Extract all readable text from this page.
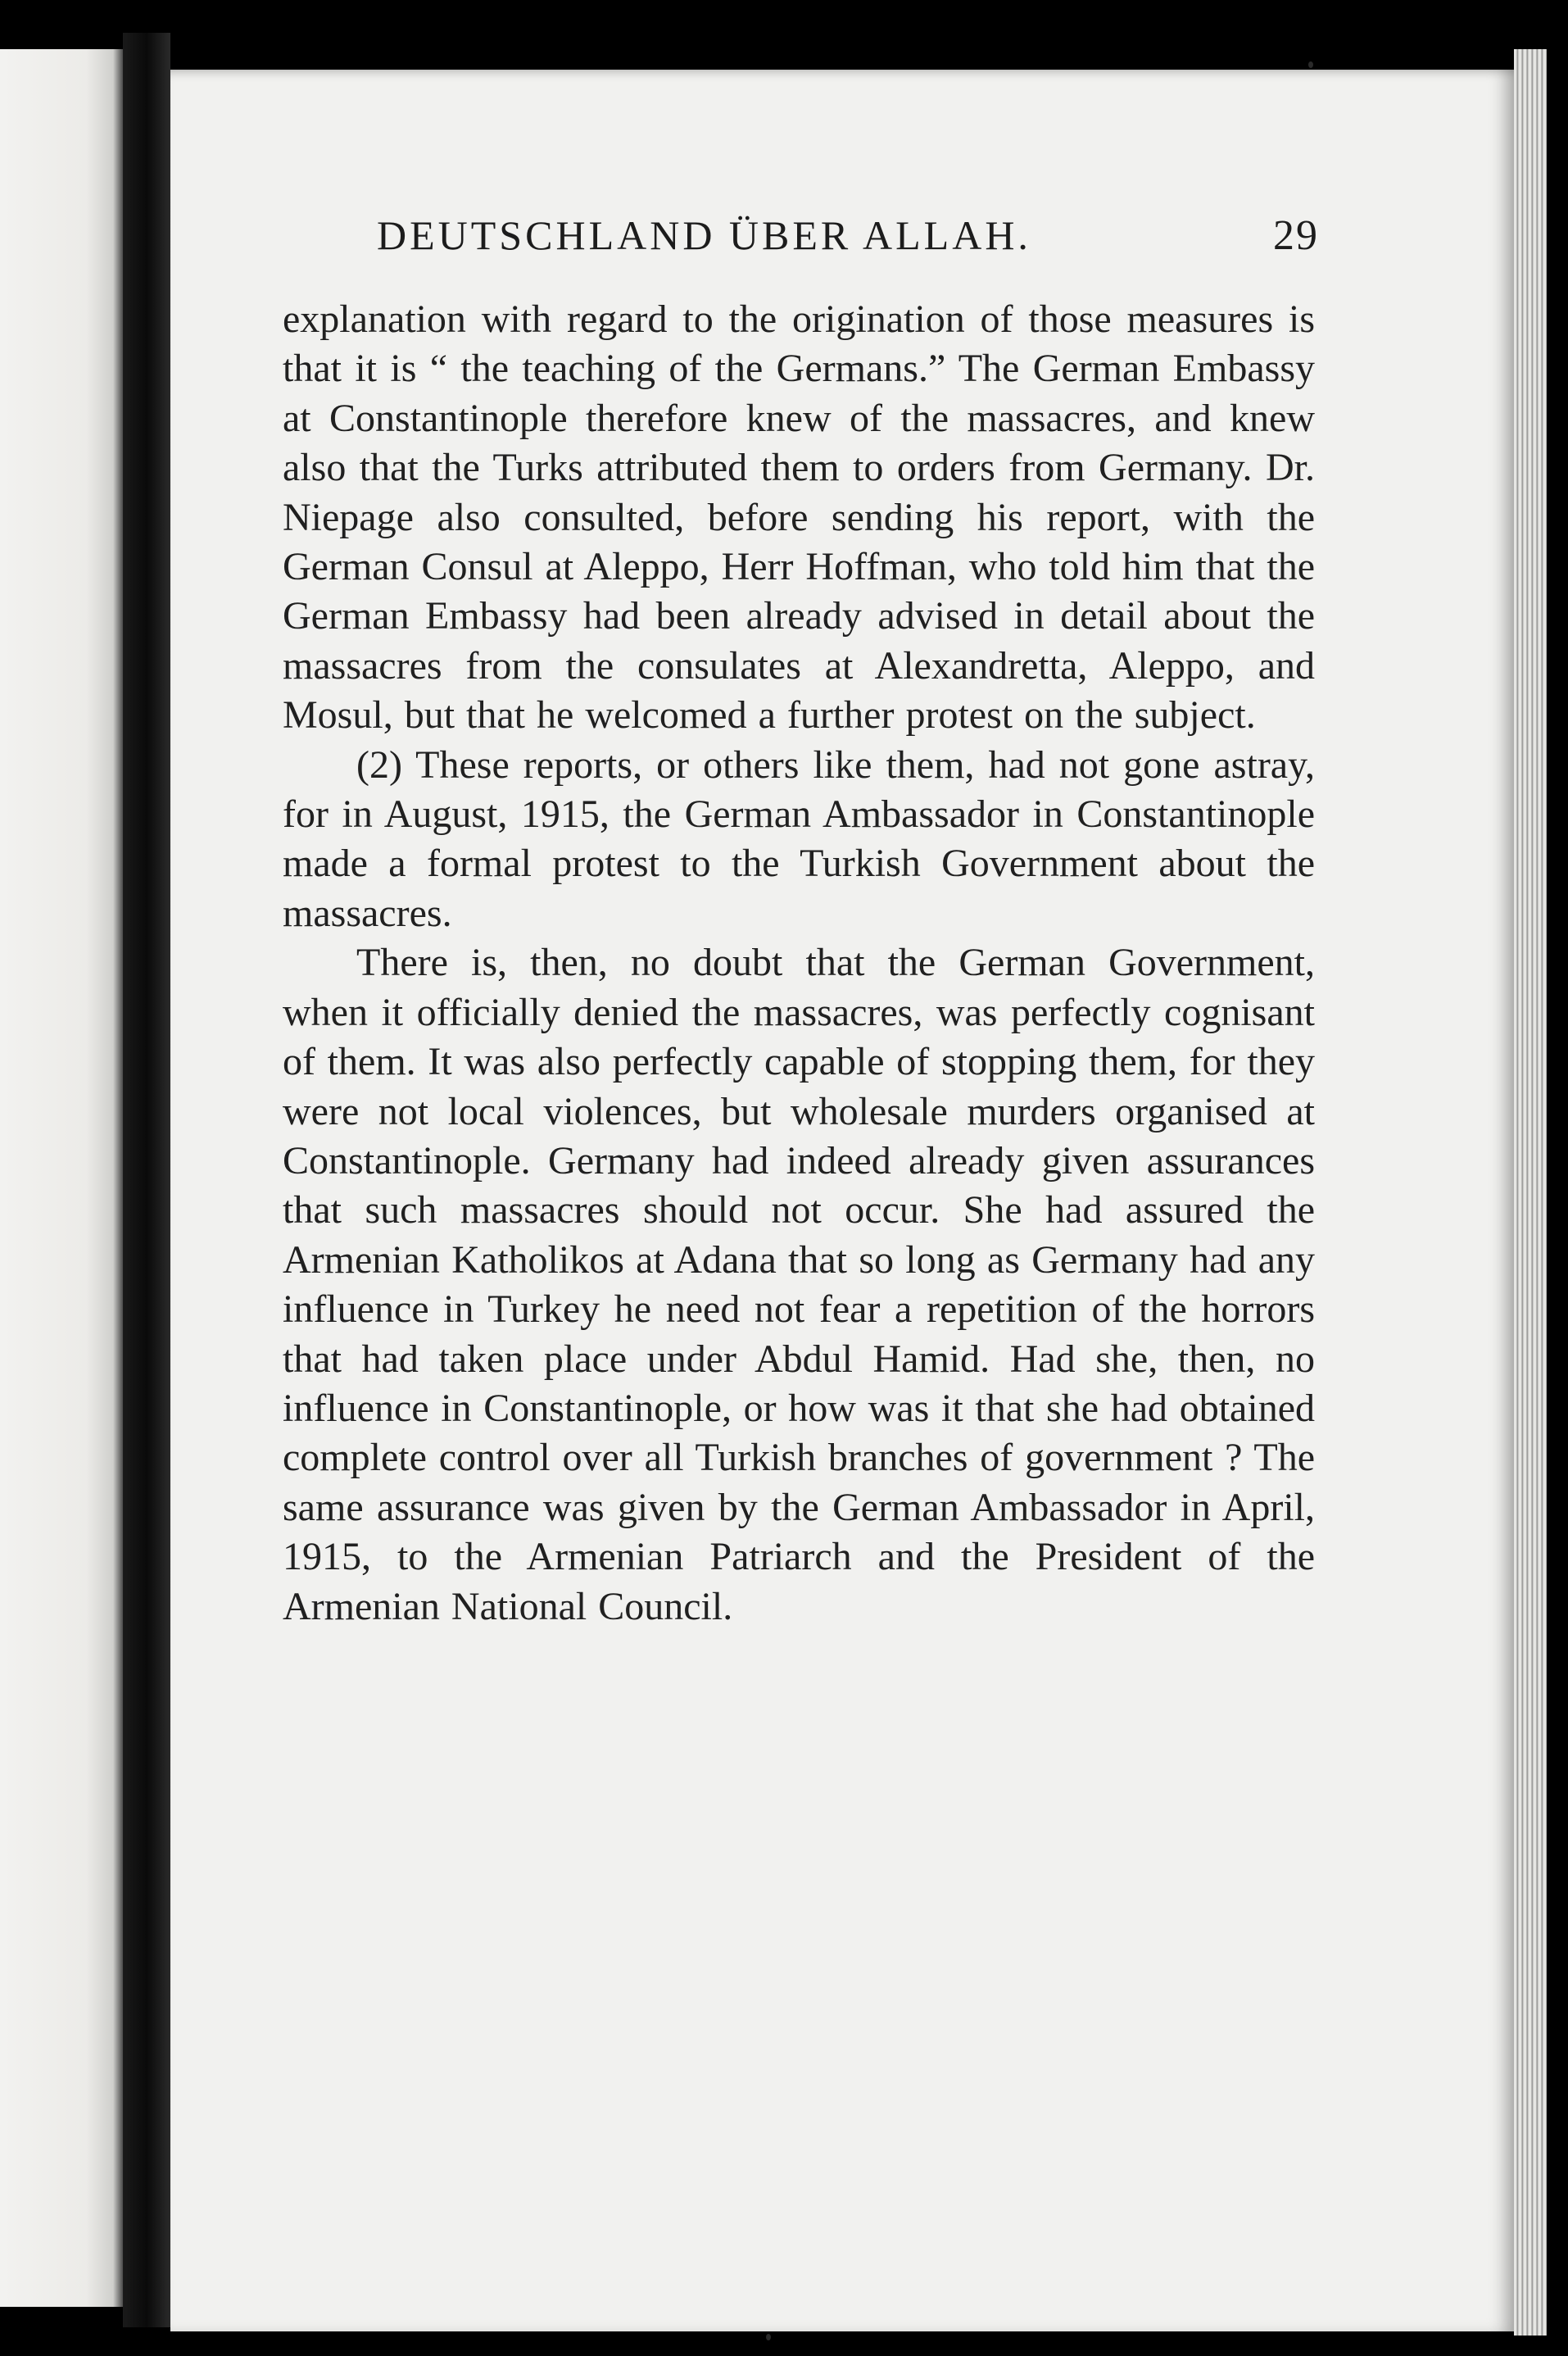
DEUTSCHLAND ÜBER ALLAH.	29

explanation with regard to the origination of those measures is that it is “ the teaching of the Germans.” The German Embassy at Constantinople therefore knew of the massacres, and knew also that the Turks attributed them to orders from Germany. Dr. Niepage also consulted, before sending his report, with the German Consul at Aleppo, Herr Hoffman, who told him that the German Embassy had been already advised in detail about the massacres from the consulates at Alexandretta, Aleppo, and Mosul, but that he welcomed a further protest on the subject.

(2) These reports, or others like them, had not gone astray, for in August, 1915, the German Ambassador in Constantinople made a formal protest to the Turkish Government about the massacres.

There is, then, no doubt that the German Government, when it officially denied the massacres, was perfectly cognisant of them. It was also perfectly capable of stopping them, for they were not local violences, but wholesale murders organised at Constantinople. Germany had indeed already given assurances that such massacres should not occur. She had assured the Armenian Katholikos at Adana that so long as Germany had any influence in Turkey he need not fear a repetition of the horrors that had taken place under Abdul Hamid. Had she, then, no influence in Constantinople, or how was it that she had obtained complete control over all Turkish branches of government ? The same assurance was given by the German Ambassador in April, 1915, to the Armenian Patriarch and the President of the Armenian National Council.
